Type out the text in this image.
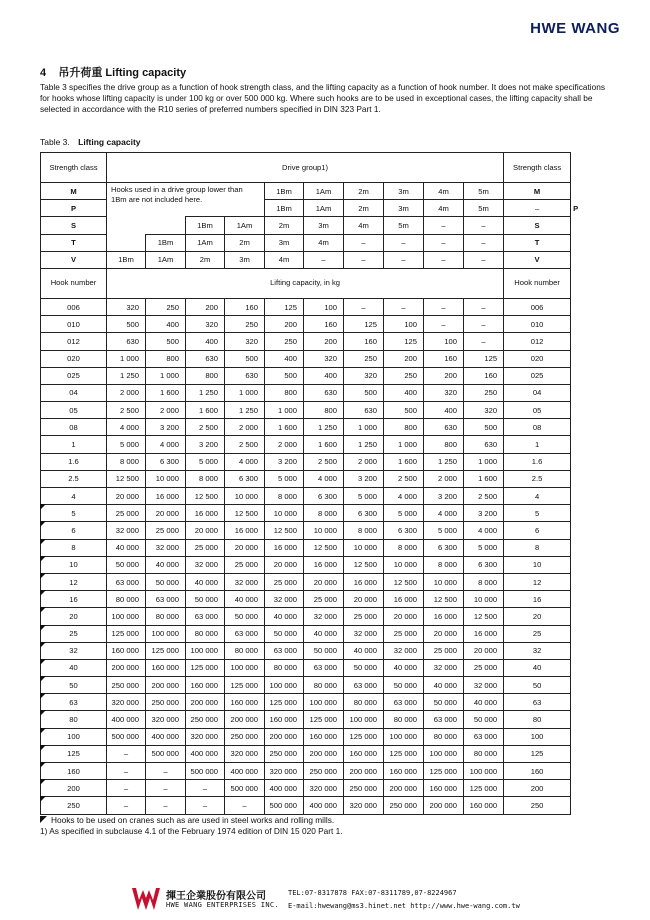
HWE WANG
4 吊升荷重 Lifting capacity

Table 3 specifies the drive group as a function of hook strength class, and the lifting capacity as a function of hook number. It does not make specifications for hooks whose lifting capacity is under 100 kg or over 500 000 kg. Where such hooks are to be used in exceptional cases, the lifting capacity shall be selected in accordance with the R10 series of preferred numbers specified in DIN 323 Part 1.

Table 3. Lifting capacity
Strength class	Drive group1)										Strength class	
M	Hooks used in a drive group lower than 1Bm are not included here.				1Bm	1Am	2m	3m	4m	5m	M	
P					1Bm	1Am	2m	3m	4m	5m	–	P
S			1Bm	1Am	2m	3m	4m	5m	–	–	S	
T		1Bm	1Am	2m	3m	4m	–	–	–	–	T	
V	1Bm	1Am	2m	3m	4m	–	–	–	–	–	V	
Hook number	Lifting capacity, in kg										Hook number	
006	320	250	200	160	125	100	–	–	–	–	006	
010	500	400	320	250	200	160	125	100	–	–	010	
012	630	500	400	320	250	200	160	125	100	–	012	
020	1 000	800	630	500	400	320	250	200	160	125	020	
025	1 250	1 000	800	630	500	400	320	250	200	160	025	
04	2 000	1 600	1 250	1 000	800	630	500	400	320	250	04	
05	2 500	2 000	1 600	1 250	1 000	800	630	500	400	320	05	
08	4 000	3 200	2 500	2 000	1 600	1 250	1 000	800	630	500	08	
1	5 000	4 000	3 200	2 500	2 000	1 600	1 250	1 000	800	630	1	
1.6	8 000	6 300	5 000	4 000	3 200	2 500	2 000	1 600	1 250	1 000	1.6	
2.5	12 500	10 000	8 000	6 300	5 000	4 000	3 200	2 500	2 000	1 600	2.5	
4	20 000	16 000	12 500	10 000	8 000	6 300	5 000	4 000	3 200	2 500	4	
5	25 000	20 000	16 000	12 500	10 000	8 000	6 300	5 000	4 000	3 200	5	
6	32 000	25 000	20 000	16 000	12 500	10 000	8 000	6 300	5 000	4 000	6	
8	40 000	32 000	25 000	20 000	16 000	12 500	10 000	8 000	6 300	5 000	8	
10	50 000	40 000	32 000	25 000	20 000	16 000	12 500	10 000	8 000	6 300	10	
12	63 000	50 000	40 000	32 000	25 000	20 000	16 000	12 500	10 000	8 000	12	
16	80 000	63 000	50 000	40 000	32 000	25 000	20 000	16 000	12 500	10 000	16	
20	100 000	80 000	63 000	50 000	40 000	32 000	25 000	20 000	16 000	12 500	20	
25	125 000	100 000	80 000	63 000	50 000	40 000	32 000	25 000	20 000	16 000	25	
32	160 000	125 000	100 000	80 000	63 000	50 000	40 000	32 000	25 000	20 000	32	
40	200 000	160 000	125 000	100 000	80 000	63 000	50 000	40 000	32 000	25 000	40	
50	250 000	200 000	160 000	125 000	100 000	80 000	63 000	50 000	40 000	32 000	50	
63	320 000	250 000	200 000	160 000	125 000	100 000	80 000	63 000	50 000	40 000	63	
80	400 000	320 000	250 000	200 000	160 000	125 000	100 000	80 000	63 000	50 000	80	
100	500 000	400 000	320 000	250 000	200 000	160 000	125 000	100 000	80 000	63 000	100	
125	–	500 000	400 000	320 000	250 000	200 000	160 000	125 000	100 000	80 000	125	
160	–	–	500 000	400 000	320 000	250 000	200 000	160 000	125 000	100 000	160	
200	–	–	–	500 000	400 000	320 000	250 000	200 000	160 000	125 000	200	
250	–	–	–	–	500 000	400 000	320 000	250 000	200 000	160 000	250	
Hooks to be used on cranes such as are used in steel works and rolling mills.
1) As specified in subclause 4.1 of the February 1974 edition of DIN 15 020 Part 1.
揮王企業股份有限公司
HWE WANG ENTERPRISES INC.
TEL:07-8317878 FAX:07-8311789,07-8224967
E-mail:hwewang@ms3.hinet.net http://www.hwe-wang.com.tw
